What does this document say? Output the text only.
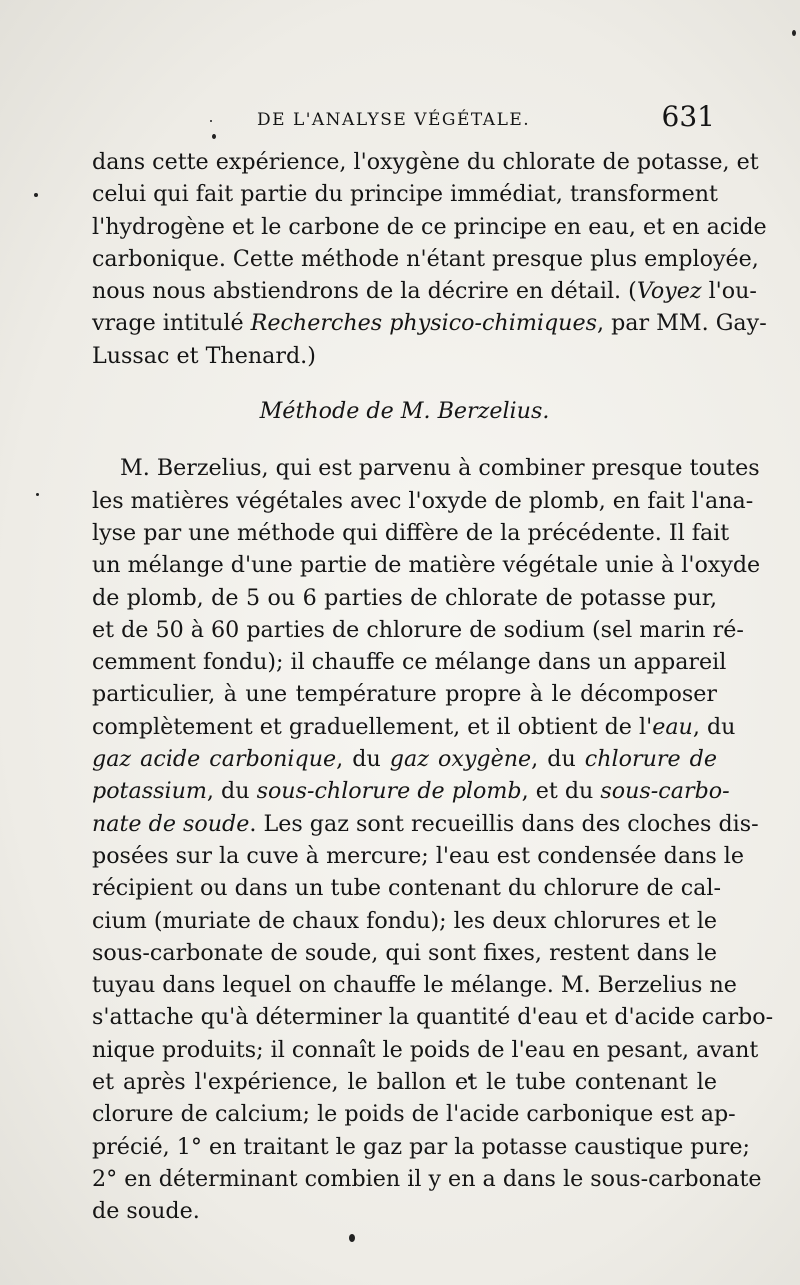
DE L'ANALYSE VÉGÉTALE.	631
dans cette expérience, l'oxygène du chlorate de potasse, et
celui qui fait partie du principe immédiat, transforment
l'hydrogène et le carbone de ce principe en eau, et en acide
carbonique. Cette méthode n'étant presque plus employée,
nous nous abstiendrons de la décrire en détail. (Voyez l'ou-
vrage intitulé Recherches physico-chimiques, par MM. Gay-
Lussac et Thenard.)
Méthode de M. Berzelius.
M. Berzelius, qui est parvenu à combiner presque toutes
les matières végétales avec l'oxyde de plomb, en fait l'ana-
lyse par une méthode qui diffère de la précédente. Il fait
un mélange d'une partie de matière végétale unie à l'oxyde
de plomb, de 5 ou 6 parties de chlorate de potasse pur,
et de 50 à 60 parties de chlorure de sodium (sel marin ré-
cemment fondu); il chauffe ce mélange dans un appareil
particulier, à une température propre à le décomposer
complètement et graduellement, et il obtient de l'eau, du
gaz acide carbonique, du gaz oxygène, du chlorure de
potassium, du sous-chlorure de plomb, et du sous-carbo-
nate de soude. Les gaz sont recueillis dans des cloches dis-
posées sur la cuve à mercure; l'eau est condensée dans le
récipient ou dans un tube contenant du chlorure de cal-
cium (muriate de chaux fondu); les deux chlorures et le
sous-carbonate de soude, qui sont fixes, restent dans le
tuyau dans lequel on chauffe le mélange. M. Berzelius ne
s'attache qu'à déterminer la quantité d'eau et d'acide carbo-
nique produits; il connaît le poids de l'eau en pesant, avant
et après l'expérience, le ballon et le tube contenant le
clorure de calcium; le poids de l'acide carbonique est ap-
précié, 1° en traitant le gaz par la potasse caustique pure;
2° en déterminant combien il y en a dans le sous-carbonate
de soude.
